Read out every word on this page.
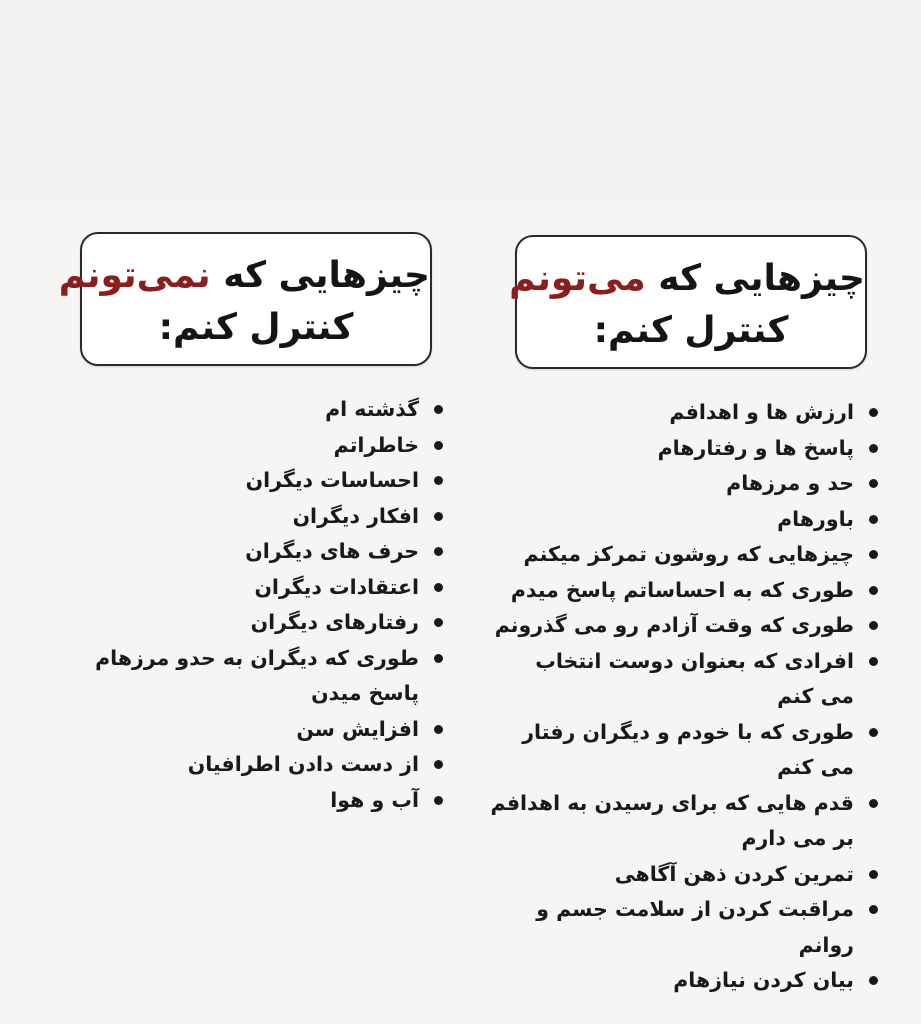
چیزهایی که می‌تونم
کنترل کنم:
چیزهایی که نمی‌تونم
کنترل کنم:
ارزش ها و اهدافم
پاسخ ها و رفتارهام
حد و مرزهام
باورهام
چیزهایی که روشون تمرکز میکنم
طوری که به احساساتم پاسخ میدم
طوری که وقت آزادم رو می گذرونم
افرادی که بعنوان دوست انتخاب
می کنم
طوری که با خودم و دیگران رفتار
می کنم
قدم هایی که برای رسیدن به اهدافم
بر می دارم
تمرین کردن ذهن آگاهی
مراقبت کردن از سلامت جسم و
روانم
بیان کردن نیازهام
گذشته ام
خاطراتم
احساسات دیگران
افکار دیگران
حرف های دیگران
اعتقادات دیگران
رفتارهای دیگران
طوری که دیگران به حدو مرزهام
پاسخ میدن
افزایش سن
از دست دادن اطرافیان
آب و هوا
